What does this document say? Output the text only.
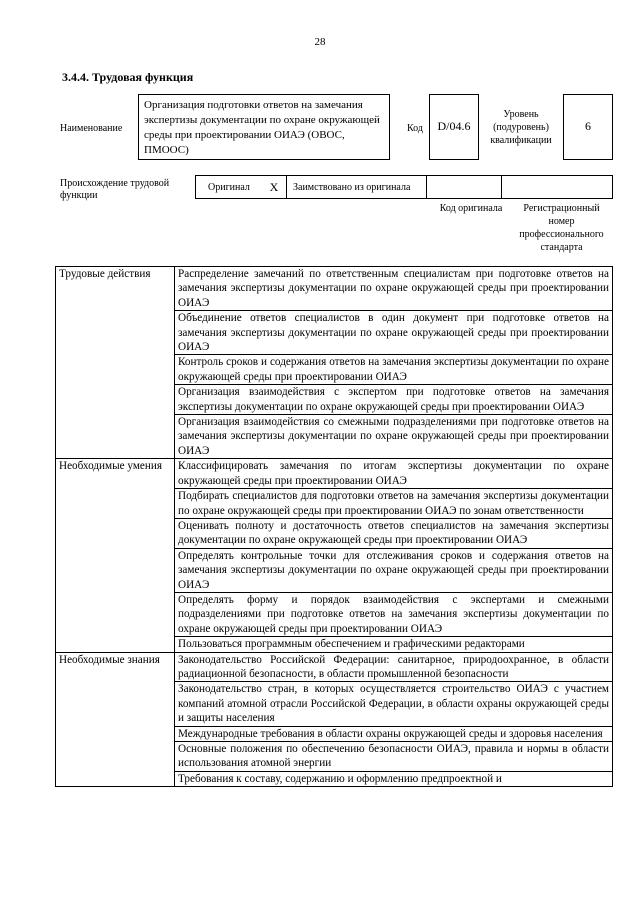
28
3.4.4. Трудовая функция
Наименование
Организация подготовки ответов на замечания экспертизы документации по охране окружающей среды при проектировании ОИАЭ (ОВОС, ПМООС)
Код	D/04.6
Уровень (подуровень) квалификации
6
Происхождение трудовой функции
Оригинал	X	Заимствовано из оригинала
Код оригинала	Регистрационный номер профессионального стандарта
Трудовые действия	Распределение замечаний по ответственным специалистам при подготовке ответов на замечания экспертизы документации по охране окружающей среды при проектировании ОИАЭ
	Объединение ответов специалистов в один документ при подготовке ответов на замечания экспертизы документации по охране окружающей среды при проектировании ОИАЭ
	Контроль сроков и содержания ответов на замечания экспертизы документации по охране окружающей среды при проектировании ОИАЭ
	Организация взаимодействия с экспертом при подготовке ответов на замечания экспертизы документации по охране окружающей среды при проектировании ОИАЭ
	Организация взаимодействия со смежными подразделениями при подготовке ответов на замечания экспертизы документации по охране окружающей среды при проектировании ОИАЭ
Необходимые умения	Классифицировать замечания по итогам экспертизы документации по охране окружающей среды при проектировании ОИАЭ
	Подбирать специалистов для подготовки ответов на замечания экспертизы документации по охране окружающей среды при проектировании ОИАЭ по зонам ответственности
	Оценивать полноту и достаточность ответов специалистов на замечания экспертизы документации по охране окружающей среды при проектировании ОИАЭ
	Определять контрольные точки для отслеживания сроков и содержания ответов на замечания экспертизы документации по охране окружающей среды при проектировании ОИАЭ
	Определять форму и порядок взаимодействия с экспертами и смежными подразделениями при подготовке ответов на замечания экспертизы документации по охране окружающей среды при проектировании ОИАЭ
	Пользоваться программным обеспечением и графическими редакторами
Необходимые знания	Законодательство Российской Федерации: санитарное, природоохранное, в области радиационной безопасности, в области промышленной безопасности
	Законодательство стран, в которых осуществляется строительство ОИАЭ с участием компаний атомной отрасли Российской Федерации, в области охраны окружающей среды и защиты населения
	Международные требования в области охраны окружающей среды и здоровья населения
	Основные положения по обеспечению безопасности ОИАЭ, правила и нормы в области использования атомной энергии
	Требования к составу, содержанию и оформлению предпроектной и
